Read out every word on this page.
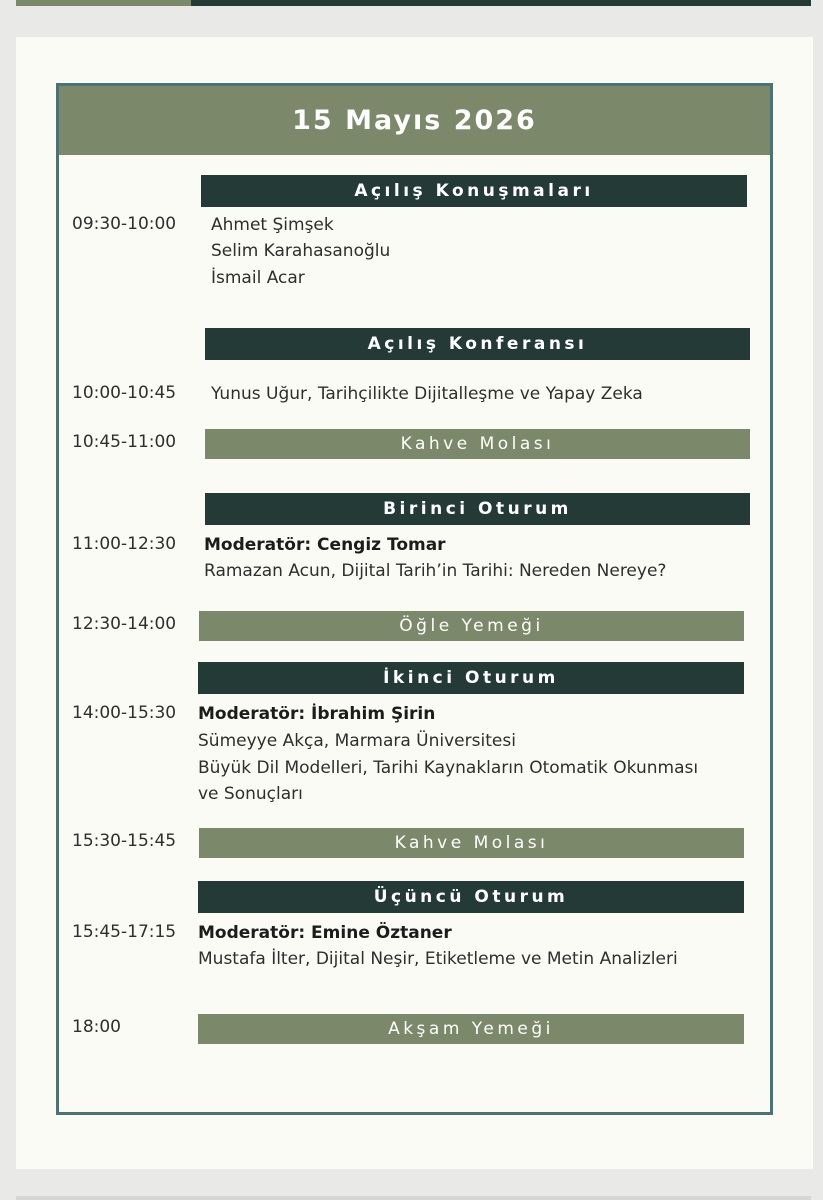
15 Mayıs 2026
Açılış Konuşmaları
09:30-10:00 Ahmet Şimşek
Selim Karahasanoğlu
İsmail Acar
Açılış Konferansı
10:00-10:45 Yunus Uğur, Tarihçilikte Dijitalleşme ve Yapay Zeka
10:45-11:00	Kahve Molası
Birinci Oturum
11:00-12:30 Moderatör: Cengiz Tomar
Ramazan Acun, Dijital Tarih’in Tarihi: Nereden Nereye?
12:30-14:00	Öğle Yemeği
İkinci Oturum
14:00-15:30 Moderatör: İbrahim Şirin
Sümeyye Akça, Marmara Üniversitesi
Büyük Dil Modelleri, Tarihi Kaynakların Otomatik Okunması
ve Sonuçları
15:30-15:45	Kahve Molası
Üçüncü Oturum
15:45-17:15 Moderatör: Emine Öztaner
Mustafa İlter, Dijital Neşir, Etiketleme ve Metin Analizleri
18:00	Akşam Yemeği
